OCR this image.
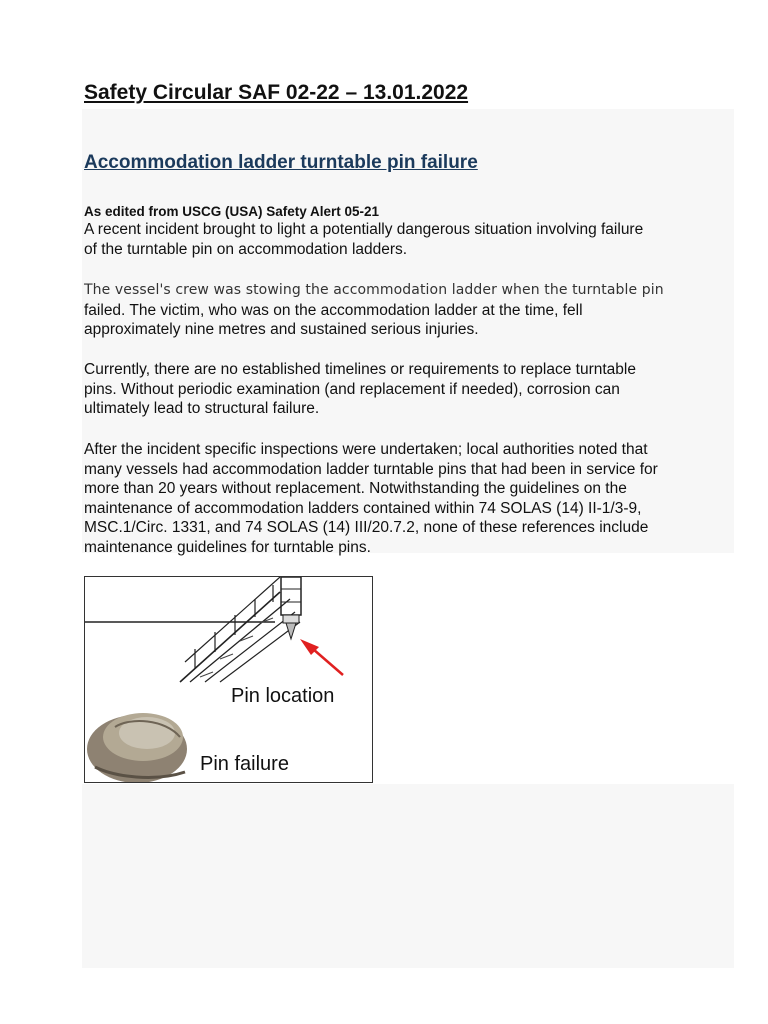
Safety Circular SAF 02-22 – 13.01.2022
Accommodation ladder turntable pin failure
As edited from USCG (USA) Safety Alert 05-21
A recent incident brought to light a potentially dangerous situation involving failure
of the turntable pin on accommodation ladders.
The vessel's crew was stowing the accommodation ladder when the turntable pin
failed. The victim, who was on the accommodation ladder at the time, fell
approximately nine metres and sustained serious injuries.
Currently, there are no established timelines or requirements to replace turntable
pins. Without periodic examination (and replacement if needed), corrosion can
ultimately lead to structural failure.
After the incident specific inspections were undertaken; local authorities noted that
many vessels had accommodation ladder turntable pins that had been in service for
more than 20 years without replacement. Notwithstanding the guidelines on the
maintenance of accommodation ladders contained within 74 SOLAS (14) II-1/3-9,
MSC.1/Circ. 1331, and 74 SOLAS (14) III/20.7.2, none of these references include
maintenance guidelines for turntable pins.
Pin location
Pin failure
